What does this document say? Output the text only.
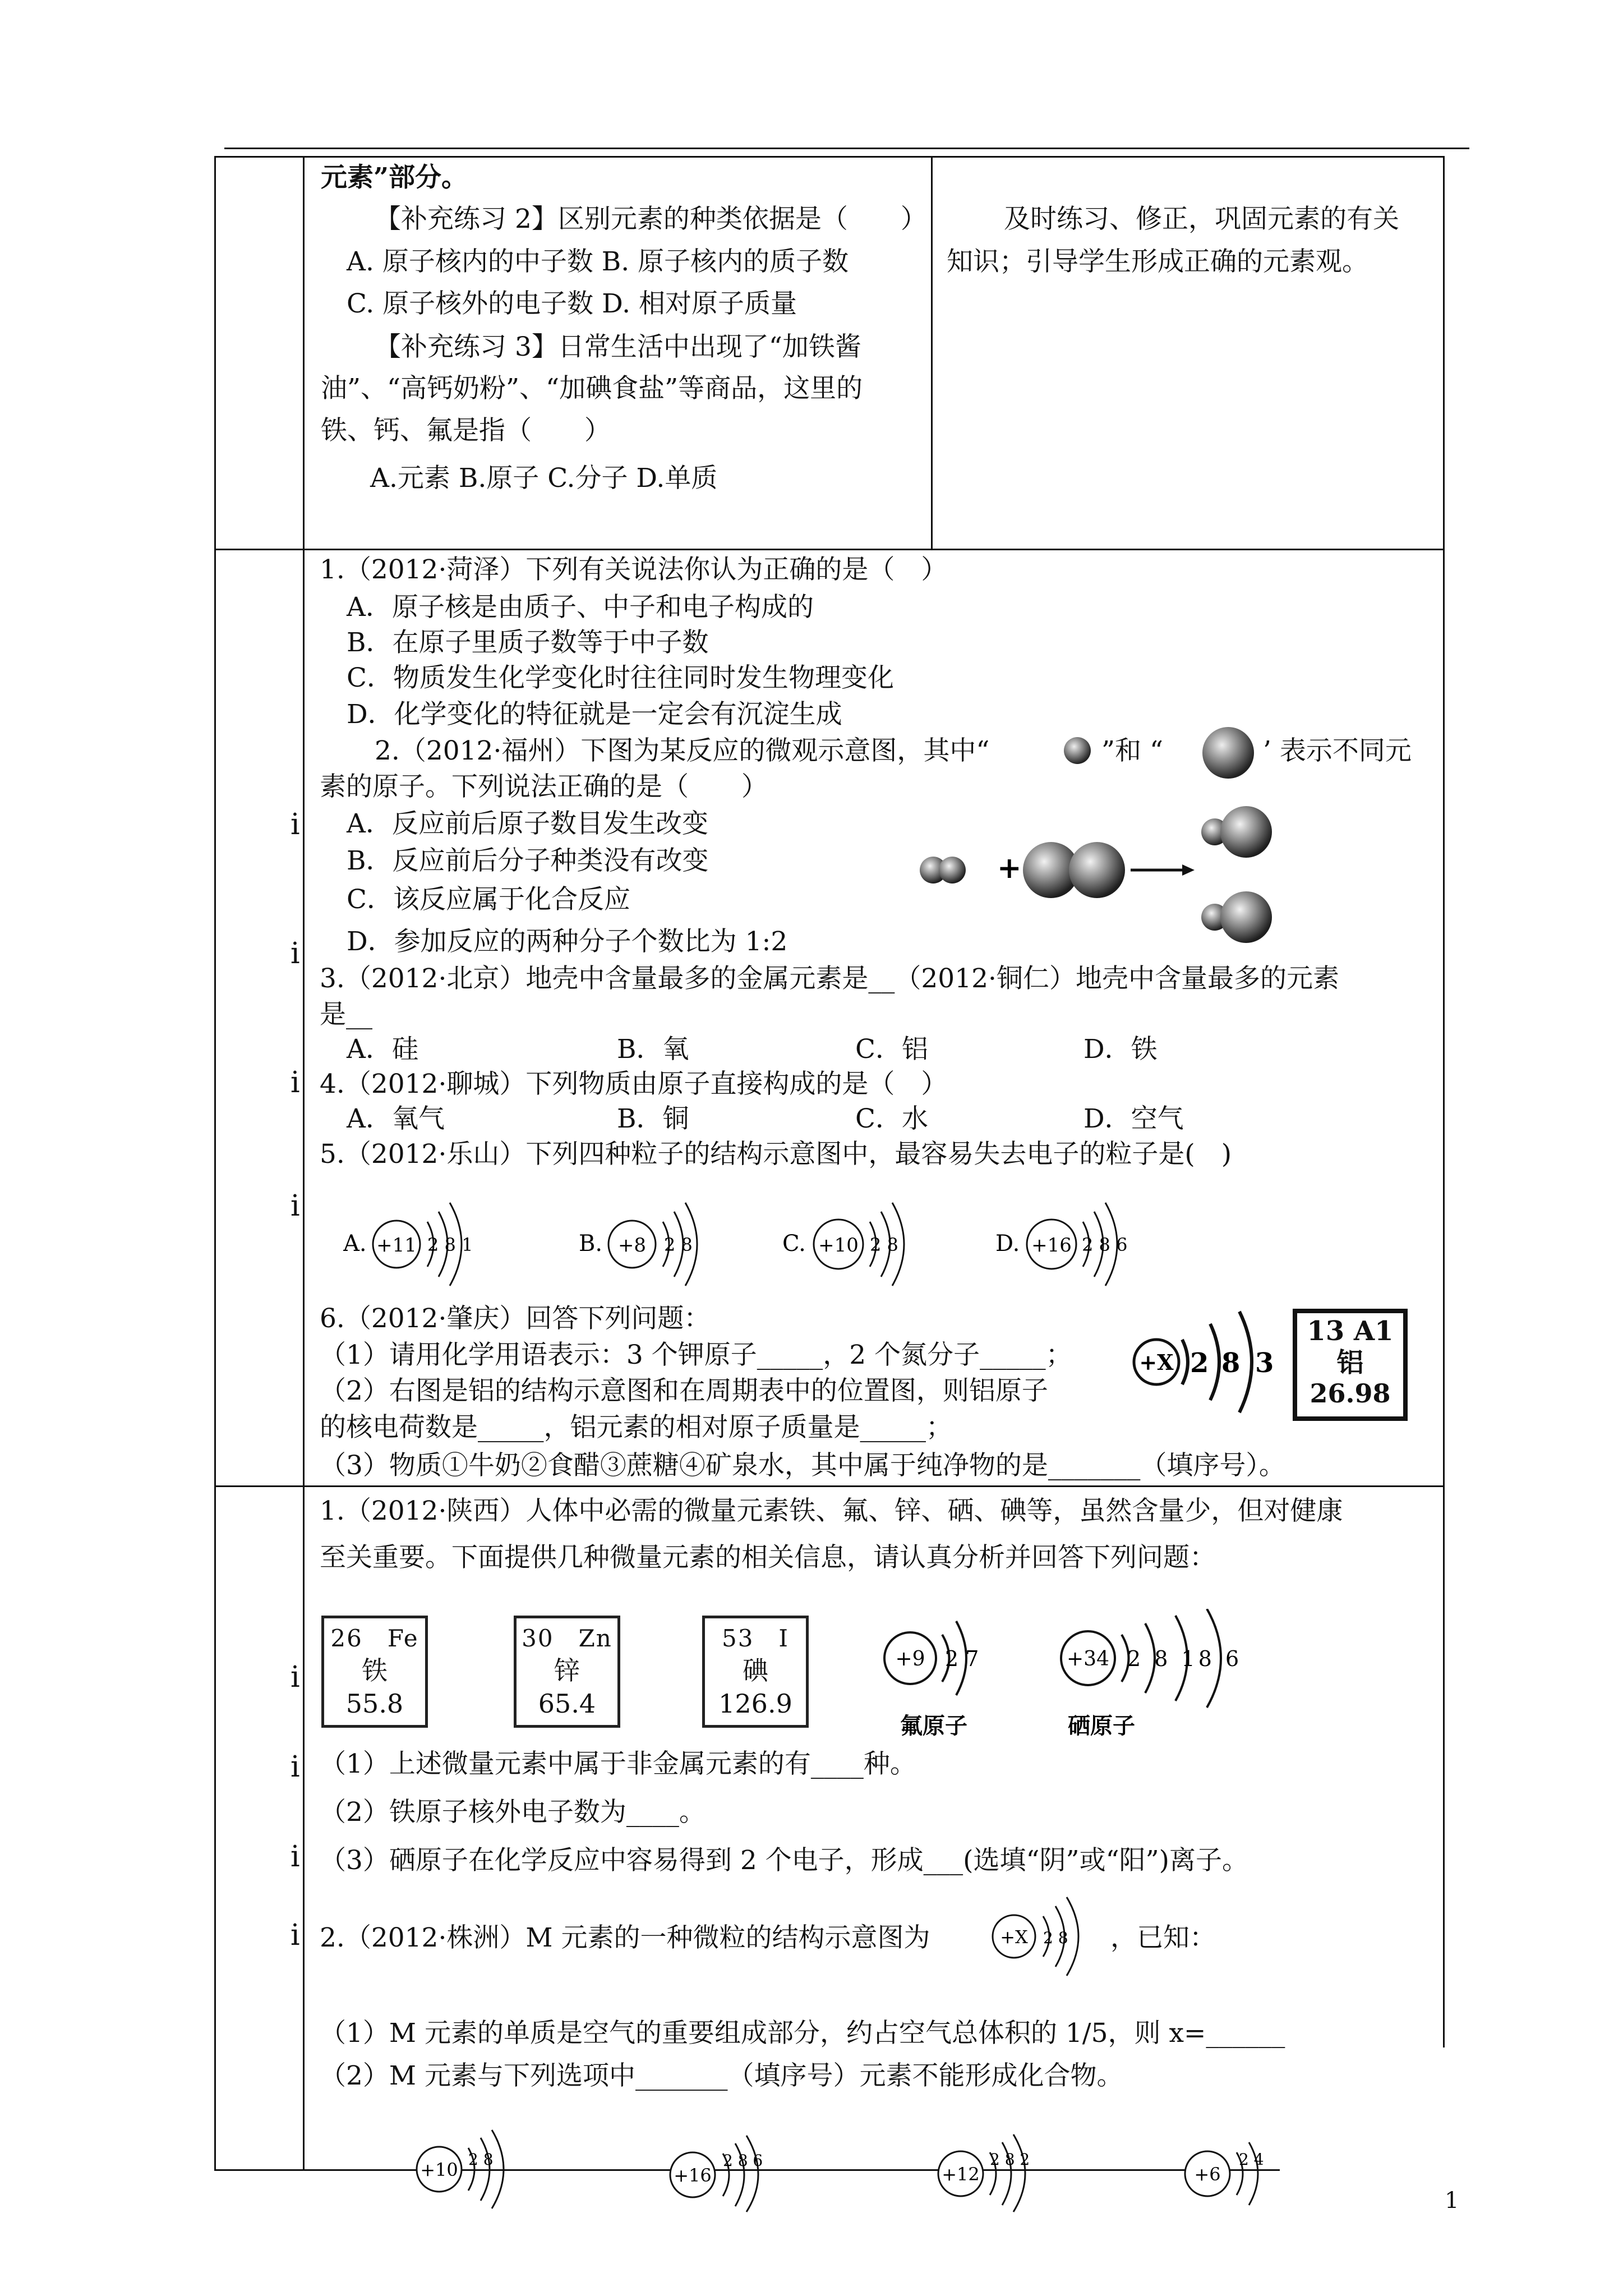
i
i
i
i
i
i
i
i
元素”部分。
【补充练习 2】区别元素的种类依据是（　　）
A. 原子核内的中子数 B. 原子核内的质子数
C. 原子核外的电子数 D. 相对原子质量
【补充练习 3】日常生活中出现了“加铁酱
油”、“高钙奶粉”、“加碘食盐”等商品，这里的
铁、钙、氟是指（　　）
A.元素 B.原子 C.分子 D.单质
及时练习、修正，巩固元素的有关
知识；引导学生形成正确的元素观。
1.（2012·菏泽）下列有关说法你认为正确的是（　）
A．原子核是由质子、中子和电子构成的
B．在原子里质子数等于中子数
C．物质发生化学变化时往往同时发生物理变化
D．化学变化的特征就是一定会有沉淀生成
2.（2012·福州）下图为某反应的微观示意图，其中“	”和 “	’ 表示不同元
素的原子。下列说法正确的是（　　）
A．反应前后原子数目发生改变
B．反应前后分子种类没有改变
C．该反应属于化合反应
D．参加反应的两种分子个数比为 1:2
+
3.（2012·北京）地壳中含量最多的金属元素是__（2012·铜仁）地壳中含量最多的元素
是__
A．硅	B．氧	C．铝	D．铁
4.（2012·聊城）下列物质由原子直接构成的是（　）
A．氧气	B．铜	C．水	D．空气
5.（2012·乐山）下列四种粒子的结构示意图中，最容易失去电子的粒子是(　)
A. +11 2 8 1	B. +8 2 8	C. +10 2 8	D. +16 2 8 6
6.（2012·肇庆）回答下列问题：
（1）请用化学用语表示：3 个钾原子_____，2 个氮分子_____；
（2）右图是铝的结构示意图和在周期表中的位置图，则铝原子
的核电荷数是_____，铝元素的相对原子质量是_____；
（3）物质①牛奶②食醋③蔗糖④矿泉水，其中属于纯净物的是_______（填序号）。
+X 2 8 3
13 A1
铝
26.98
1.（2012·陕西）人体中必需的微量元素铁、氟、锌、硒、碘等，虽然含量少，但对健康
至关重要。下面提供几种微量元素的相关信息，请认真分析并回答下列问题：
26　Fe
铁
55.8
30　Zn
锌
65.4
53　I
碘
126.9
+9 2 7
氟原子
+34 2 8 18 6
硒原子
（1）上述微量元素中属于非金属元素的有____种。
（2）铁原子核外电子数为____。
（3）硒原子在化学反应中容易得到 2 个电子，形成___(选填“阴”或“阳”)离子。
2.（2012·株洲）M 元素的一种微粒的结构示意图为	+X 2 8 ，已知：
（1）M 元素的单质是空气的重要组成部分，约占空气总体积的 1/5，则 x=______
（2）M 元素与下列选项中_______（填序号）元素不能形成化合物。
+10 2 8
+16
2 8 6
+12
2 8 2
+6
2 4
1
